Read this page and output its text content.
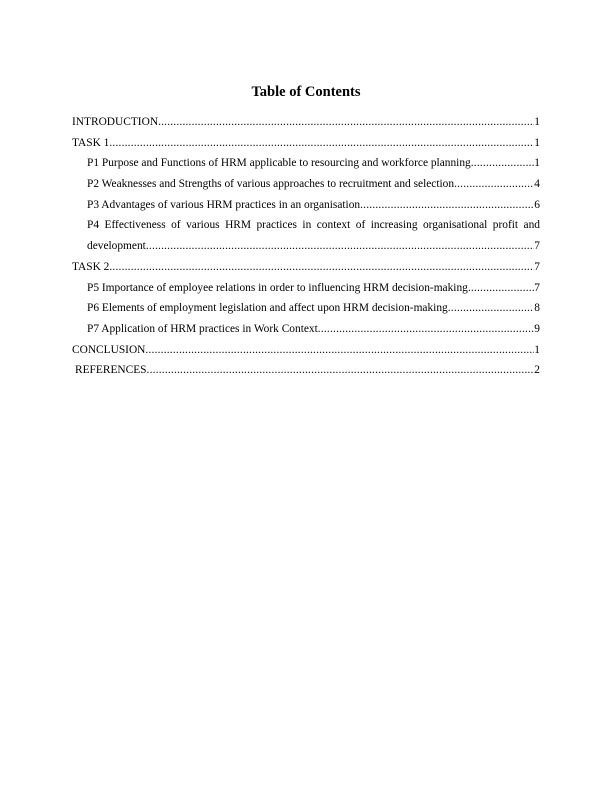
Table of Contents
INTRODUCTION .....	1
TASK 1 .....	1
P1 Purpose and Functions of HRM applicable to resourcing and workforce planning .....	1
P2 Weaknesses and Strengths of various approaches to recruitment and selection .....	4
P3 Advantages of various HRM practices in an organisation .....	6
P4 Effectiveness of various HRM practices in context of increasing organisational profit and
development .....	7
TASK 2 .....	7
P5 Importance of employee relations in order to influencing HRM decision-making .....	7
P6 Elements of employment legislation and affect upon HRM decision-making .....	8
P7 Application of HRM practices in Work Context .....	9
CONCLUSION .....	1
REFERENCES .....	2
